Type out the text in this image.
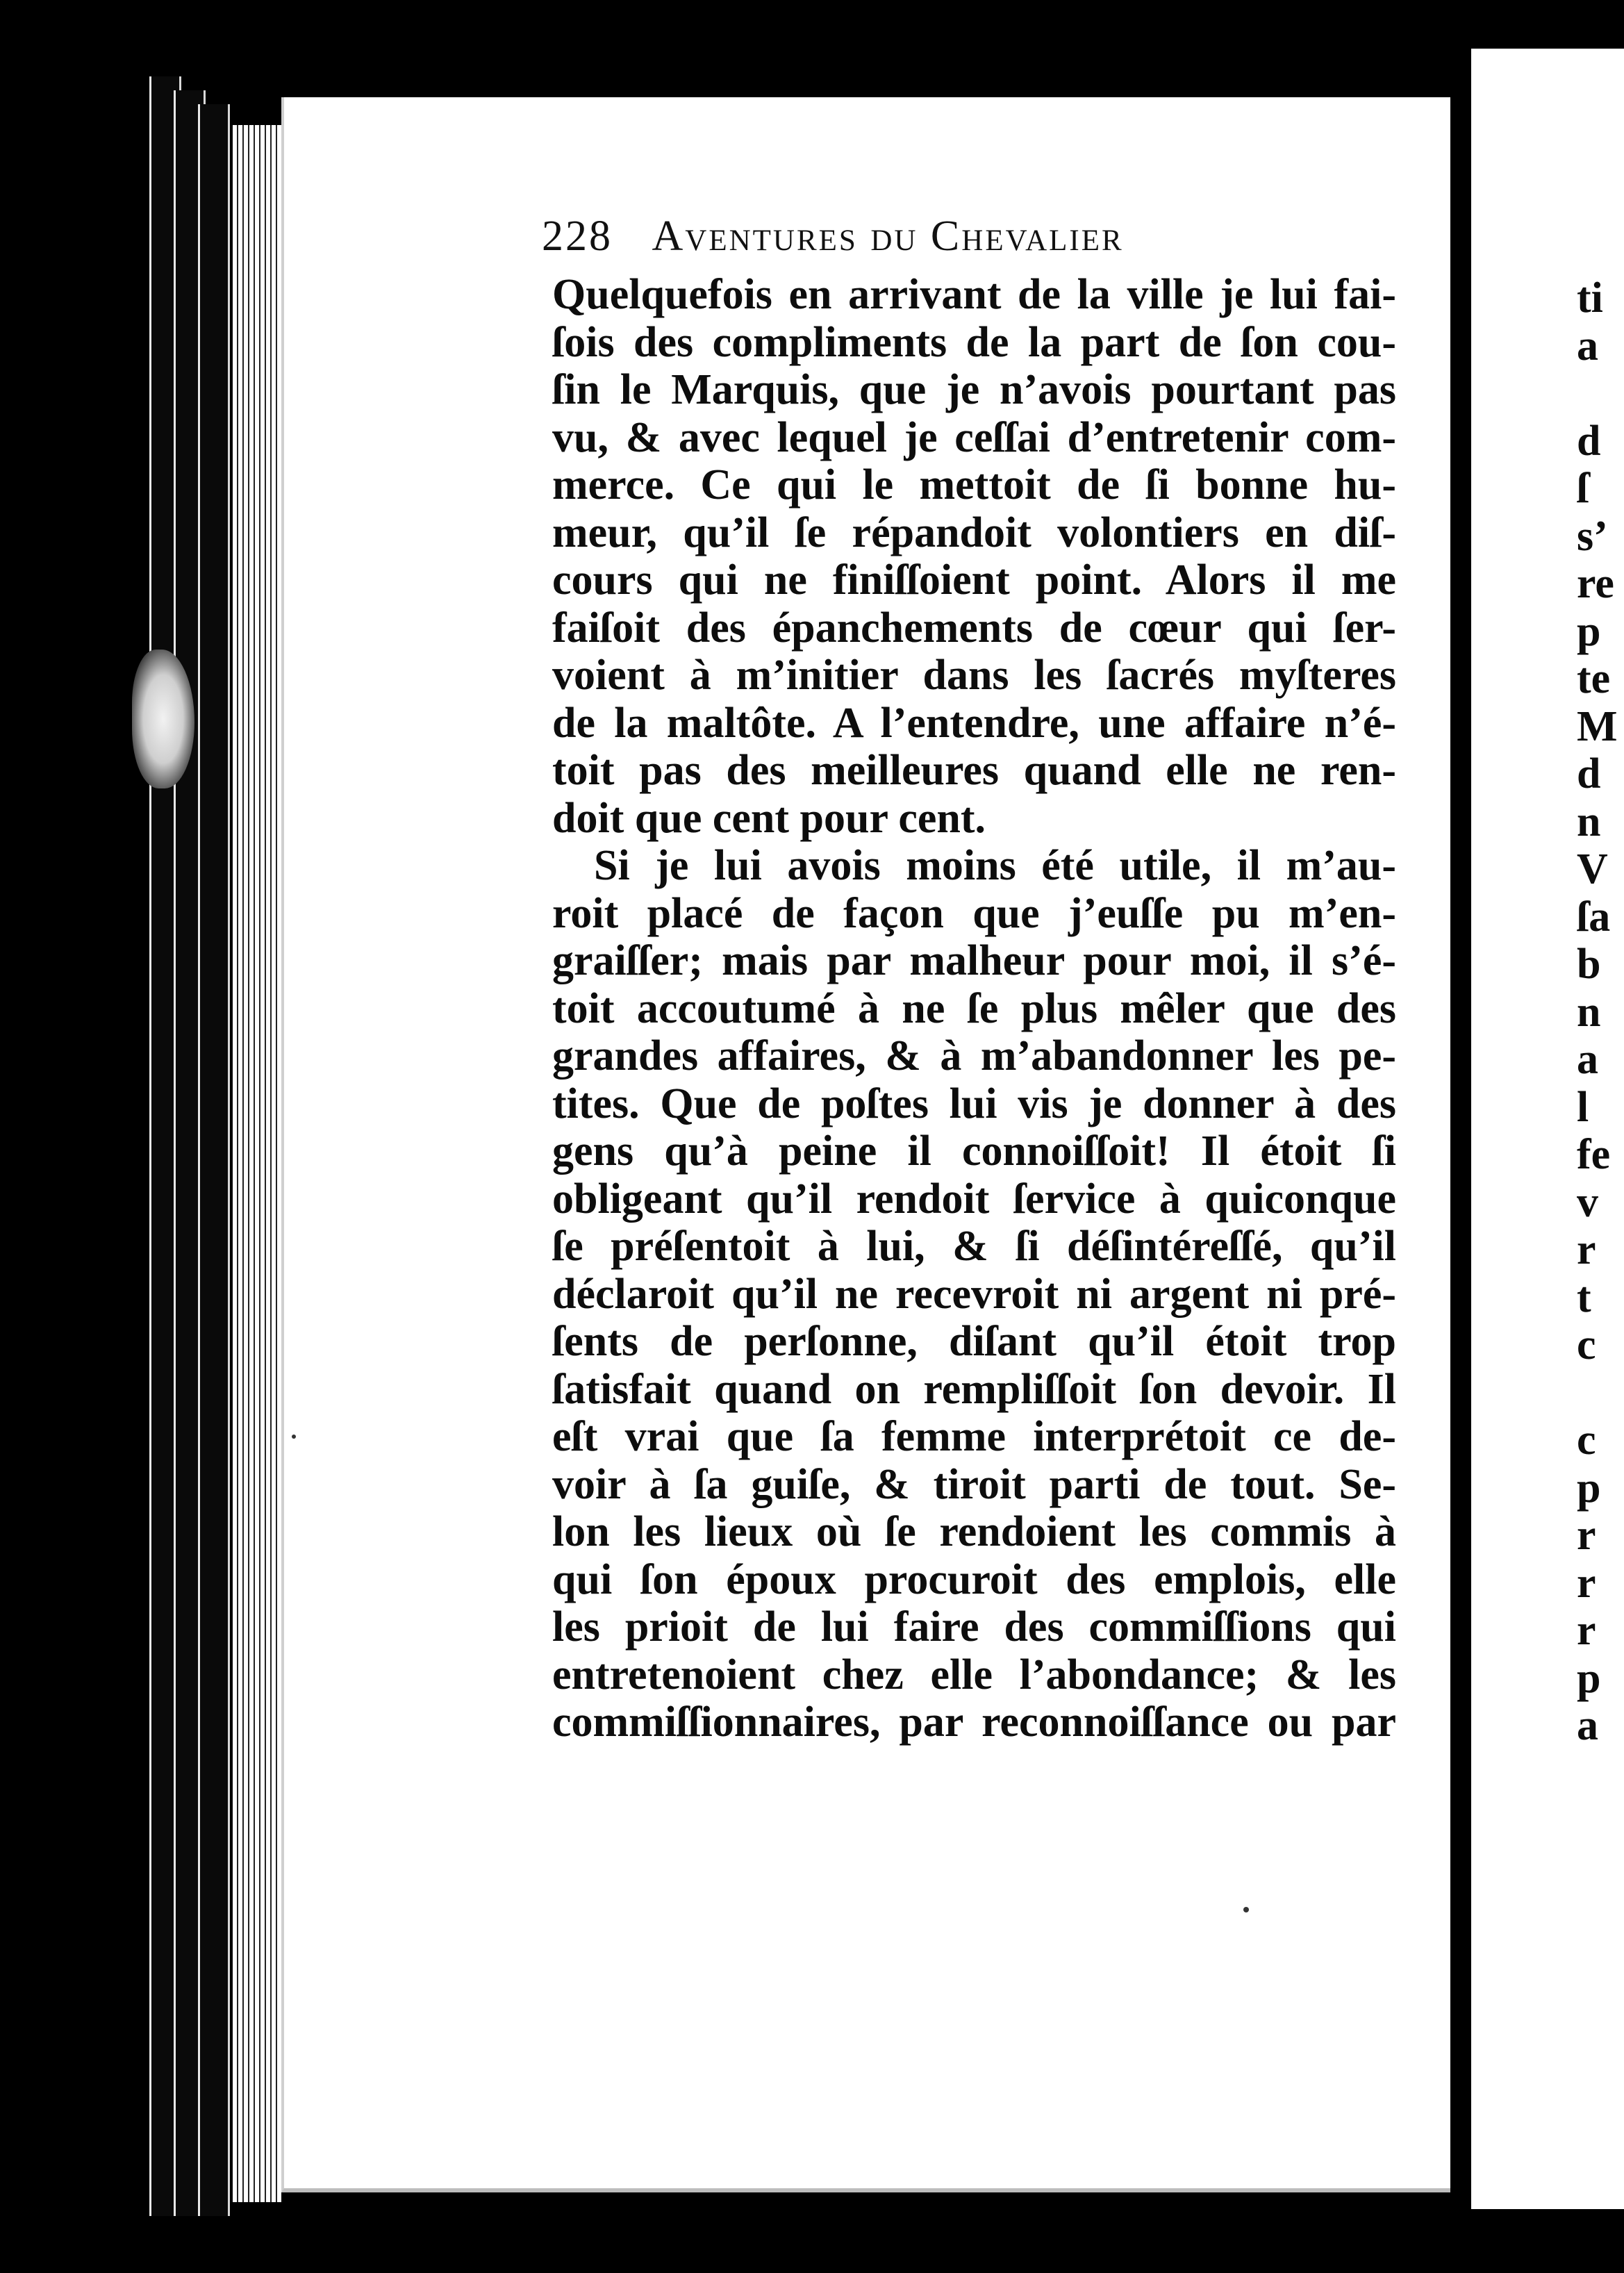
228 Aventures du Chevalier
Quelquefois en arrivant de la ville je lui fai-
ſois des compliments de la part de ſon cou-
ſin le Marquis, que je n’avois pourtant pas
vu, & avec lequel je ceſſai d’entretenir com-
merce. Ce qui le mettoit de ſi bonne hu-
meur, qu’il ſe répandoit volontiers en diſ-
cours qui ne finiſſoient point. Alors il me
faiſoit des épanchements de cœur qui ſer-
voient à m’initier dans les ſacrés myſteres
de la maltôte. A l’entendre, une affaire n’é-
toit pas des meilleures quand elle ne ren-
doit que cent pour cent.
Si je lui avois moins été utile, il m’au-
roit placé de façon que j’euſſe pu m’en-
graiſſer; mais par malheur pour moi, il s’é-
toit accoutumé à ne ſe plus mêler que des
grandes affaires, & à m’abandonner les pe-
tites. Que de poſtes lui vis je donner à des
gens qu’à peine il connoiſſoit! Il étoit ſi
obligeant qu’il rendoit ſervice à quiconque
ſe préſentoit à lui, & ſi déſintéreſſé, qu’il
déclaroit qu’il ne recevroit ni argent ni pré-
ſents de perſonne, diſant qu’il étoit trop
ſatisfait quand on rempliſſoit ſon devoir. Il
eſt vrai que ſa femme interprétoit ce de-
voir à ſa guiſe, & tiroit parti de tout. Se-
lon les lieux où ſe rendoient les commis à
qui ſon époux procuroit des emplois, elle
les prioit de lui faire des commiſſions qui
entretenoient chez elle l’abondance; & les
commiſſionnaires, par reconnoiſſance ou par
ti
a
d
ſ
s’
re
p
te
M
d
n
V
ſa
b
n
a
l
fe
v
r
t
c
c
p
r
r
r
p
a
